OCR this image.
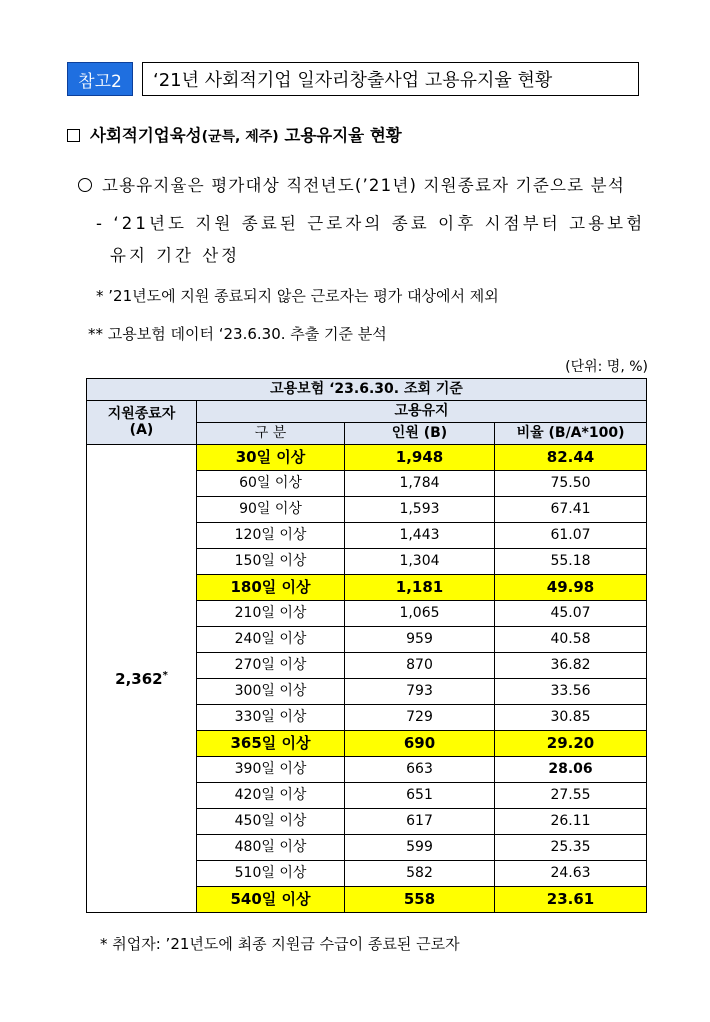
참고2	‘21년 사회적기업 일자리창출사업 고용유지율 현황
사회적기업육성(균특, 제주) 고용유지율 현황
고용유지율은 평가대상 직전년도(’21년) 지원종료자 기준으로 분석
- ‘21년도 지원 종료된 근로자의 종료 이후 시점부터 고용보험
유지 기간 산정
* ’21년도에 지원 종료되지 않은 근로자는 평가 대상에서 제외
** 고용보험 데이터 ‘23.6.30. 추출 기준 분석
(단위: 명, %)
고용보험 ‘23.6.30. 조회 기준			
지원종료자
(A)	고용유지		
	구 분	인원 (B)	비율 (B/A*100)
2,362*	30일 이상	1,948	82.44
	60일 이상	1,784	75.50
	90일 이상	1,593	67.41
	120일 이상	1,443	61.07
	150일 이상	1,304	55.18
	180일 이상	1,181	49.98
	210일 이상	1,065	45.07
	240일 이상	959	40.58
	270일 이상	870	36.82
	300일 이상	793	33.56
	330일 이상	729	30.85
	365일 이상	690	29.20
	390일 이상	663	28.06
	420일 이상	651	27.55
	450일 이상	617	26.11
	480일 이상	599	25.35
	510일 이상	582	24.63
	540일 이상	558	23.61
* 취업자: ’21년도에 최종 지원금 수급이 종료된 근로자
